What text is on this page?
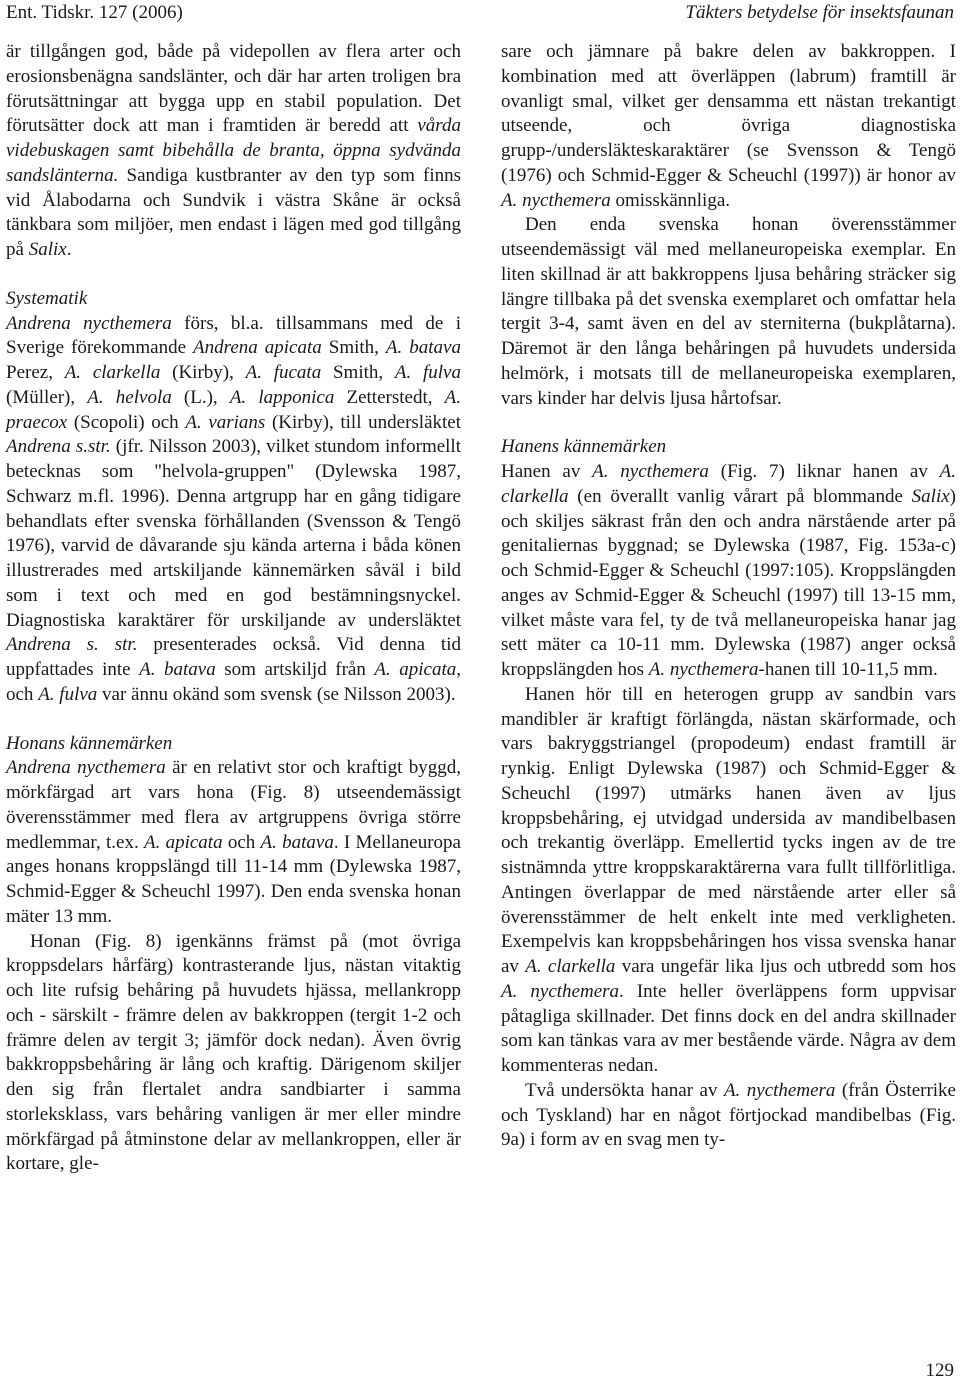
Ent. Tidskr. 127 (2006)	Täkters betydelse för insektsfaunan

är tillgången god, både på videpollen av flera arter och erosionsbenägna sandslänter, och där har arten troligen bra förutsättningar att bygga upp en stabil population. Det förutsätter dock att man i framtiden är beredd att vårda videbuskagen samt bibehålla de branta, öppna sydvända sandslänterna. Sandiga kustbranter av den typ som finns vid Ålabodarna och Sundvik i västra Skåne är också tänkbara som miljöer, men endast i lägen med god tillgång på Salix.

Systematik

Andrena nycthemera förs, bl.a. tillsammans med de i Sverige förekommande Andrena apicata Smith, A. batava Perez, A. clarkella (Kirby), A. fucata Smith, A. fulva (Müller), A. helvola (L.), A. lapponica Zetterstedt, A. praecox (Scopoli) och A. varians (Kirby), till undersläktet Andrena s.str. (jfr. Nilsson 2003), vilket stundom informellt betecknas som "helvola-gruppen" (Dylewska 1987, Schwarz m.fl. 1996). Denna artgrupp har en gång tidigare behandlats efter svenska förhållanden (Svensson & Tengö 1976), varvid de dåvarande sju kända arterna i båda könen illustrerades med artskiljande kännemärken såväl i bild som i text och med en god bestämningsnyckel. Diagnostiska karaktärer för urskiljande av undersläktet Andrena s. str. presenterades också. Vid denna tid uppfattades inte A. batava som artskiljd från A. apicata, och A. fulva var ännu okänd som svensk (se Nilsson 2003).

Honans kännemärken

Andrena nycthemera är en relativt stor och kraftigt byggd, mörkfärgad art vars hona (Fig. 8) utseendemässigt överensstämmer med flera av artgruppens övriga större medlemmar, t.ex. A. apicata och A. batava. I Mellaneuropa anges honans kroppslängd till 11-14 mm (Dylewska 1987, Schmid-Egger & Scheuchl 1997). Den enda svenska honan mäter 13 mm.

Honan (Fig. 8) igenkänns främst på (mot övriga kroppsdelars hårfärg) kontrasterande ljus, nästan vitaktig och lite rufsig behåring på huvudets hjässa, mellankropp och - särskilt - främre delen av bakkroppen (tergit 1-2 och främre delen av tergit 3; jämför dock nedan). Även övrig bakkroppsbehåring är lång och kraftig. Därigenom skiljer den sig från flertalet andra sandbiarter i samma storleksklass, vars behåring vanligen är mer eller mindre mörkfärgad på åtminstone delar av mellankroppen, eller är kortare, gle-

sare och jämnare på bakre delen av bakkroppen. I kombination med att överläppen (labrum) framtill är ovanligt smal, vilket ger densamma ett nästan trekantigt utseende, och övriga diagnostiska grupp-/undersläkteskaraktärer (se Svensson & Tengö (1976) och Schmid-Egger & Scheuchl (1997)) är honor av A. nycthemera omisskännliga.

Den enda svenska honan överensstämmer utseendemässigt väl med mellaneuropeiska exemplar. En liten skillnad är att bakkroppens ljusa behåring sträcker sig längre tillbaka på det svenska exemplaret och omfattar hela tergit 3-4, samt även en del av sterniterna (bukplåtarna). Däremot är den långa behåringen på huvudets undersida helmörk, i motsats till de mellaneuropeiska exemplaren, vars kinder har delvis ljusa hårtofsar.

Hanens kännemärken

Hanen av A. nycthemera (Fig. 7) liknar hanen av A. clarkella (en överallt vanlig vårart på blommande Salix) och skiljes säkrast från den och andra närstående arter på genitaliernas byggnad; se Dylewska (1987, Fig. 153a-c) och Schmid-Egger & Scheuchl (1997:105). Kroppslängden anges av Schmid-Egger & Scheuchl (1997) till 13-15 mm, vilket måste vara fel, ty de två mellaneuropeiska hanar jag sett mäter ca 10-11 mm. Dylewska (1987) anger också kroppslängden hos A. nycthemera-hanen till 10-11,5 mm.

Hanen hör till en heterogen grupp av sandbin vars mandibler är kraftigt förlängda, nästan skärformade, och vars bakryggstriangel (propodeum) endast framtill är rynkig. Enligt Dylewska (1987) och Schmid-Egger & Scheuchl (1997) utmärks hanen även av ljus kroppsbehåring, ej utvidgad undersida av mandibelbasen och trekantig överläpp. Emellertid tycks ingen av de tre sistnämnda yttre kroppskaraktärerna vara fullt tillförlitliga. Antingen överlappar de med närstående arter eller så överensstämmer de helt enkelt inte med verkligheten. Exempelvis kan kroppsbehåringen hos vissa svenska hanar av A. clarkella vara ungefär lika ljus och utbredd som hos A. nycthemera. Inte heller överläppens form uppvisar påtagliga skillnader. Det finns dock en del andra skillnader som kan tänkas vara av mer bestående värde. Några av dem kommenteras nedan.

Två undersökta hanar av A. nycthemera (från Österrike och Tyskland) har en något förtjockad mandibelbas (Fig. 9a) i form av en svag men ty-

129
